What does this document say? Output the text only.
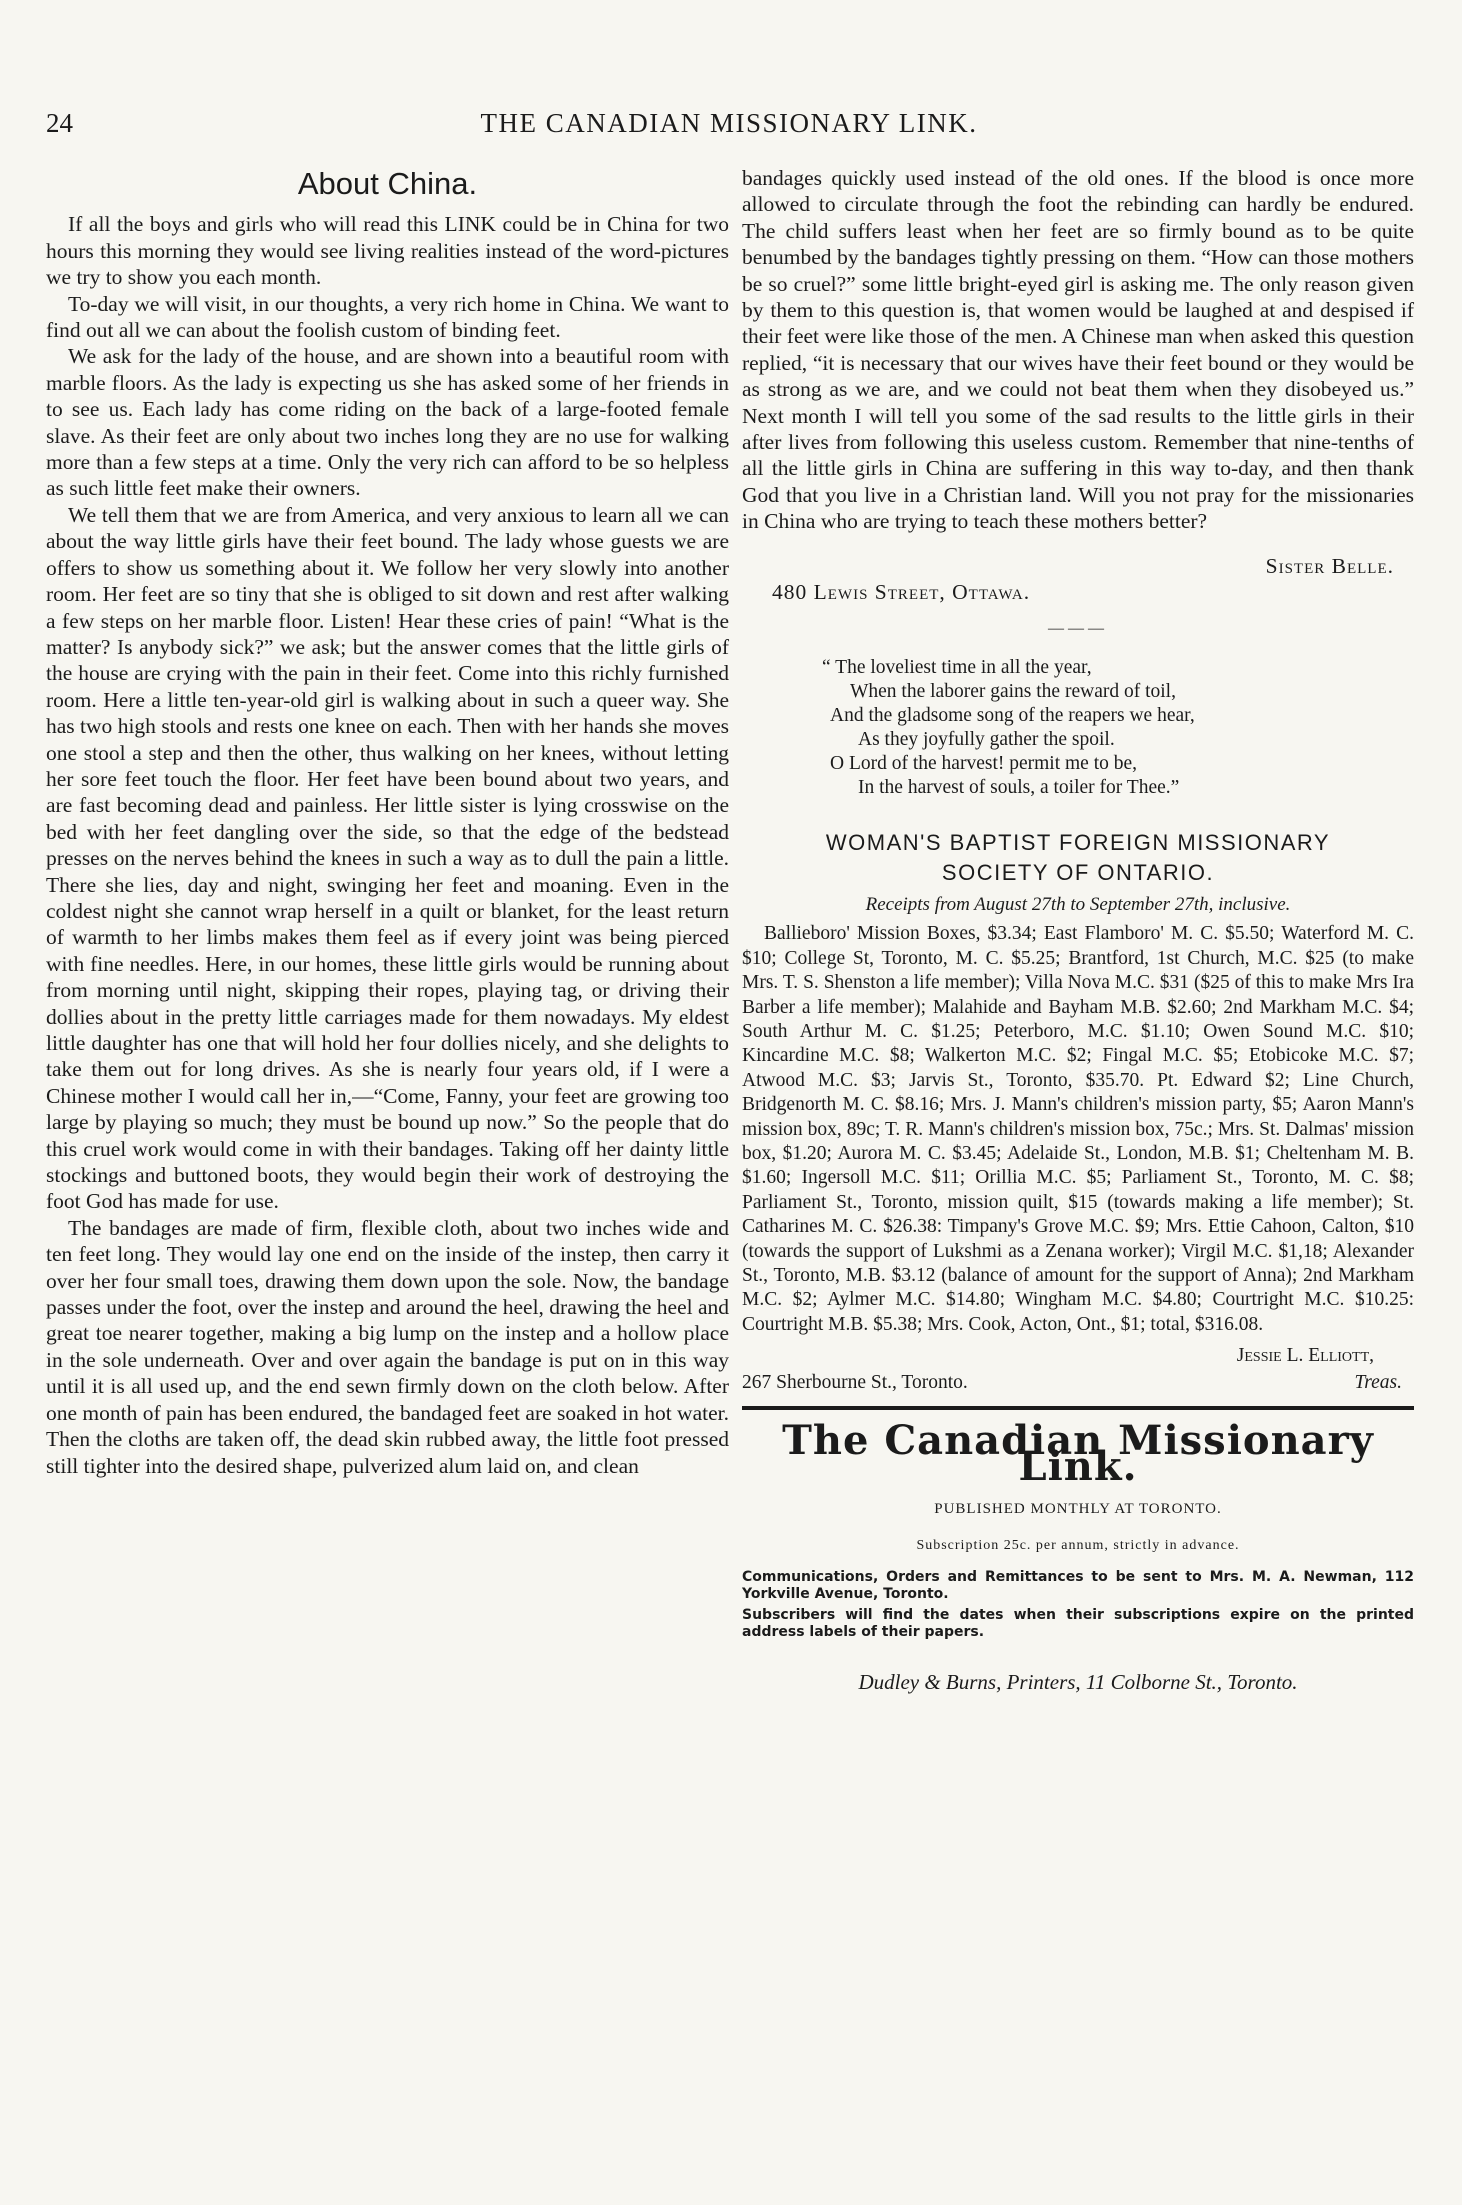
24	THE CANADIAN MISSIONARY LINK.
About China.

If all the boys and girls who will read this LINK could be in China for two hours this morning they would see living realities instead of the word-pictures we try to show you each month.

To-day we will visit, in our thoughts, a very rich home in China. We want to find out all we can about the foolish custom of binding feet.

We ask for the lady of the house, and are shown into a beautiful room with marble floors. As the lady is expecting us she has asked some of her friends in to see us. Each lady has come riding on the back of a large-footed female slave. As their feet are only about two inches long they are no use for walking more than a few steps at a time. Only the very rich can afford to be so helpless as such little feet make their owners.

We tell them that we are from America, and very anxious to learn all we can about the way little girls have their feet bound. The lady whose guests we are offers to show us something about it. We follow her very slowly into another room. Her feet are so tiny that she is obliged to sit down and rest after walking a few steps on her marble floor. Listen! Hear these cries of pain! “What is the matter? Is anybody sick?” we ask; but the answer comes that the little girls of the house are crying with the pain in their feet. Come into this richly furnished room. Here a little ten-year-old girl is walking about in such a queer way. She has two high stools and rests one knee on each. Then with her hands she moves one stool a step and then the other, thus walking on her knees, without letting her sore feet touch the floor. Her feet have been bound about two years, and are fast becoming dead and painless. Her little sister is lying crosswise on the bed with her feet dangling over the side, so that the edge of the bedstead presses on the nerves behind the knees in such a way as to dull the pain a little. There she lies, day and night, swinging her feet and moaning. Even in the coldest night she cannot wrap herself in a quilt or blanket, for the least return of warmth to her limbs makes them feel as if every joint was being pierced with fine needles. Here, in our homes, these little girls would be running about from morning until night, skipping their ropes, playing tag, or driving their dollies about in the pretty little carriages made for them nowadays. My eldest little daughter has one that will hold her four dollies nicely, and she delights to take them out for long drives. As she is nearly four years old, if I were a Chinese mother I would call her in,—“Come, Fanny, your feet are growing too large by playing so much; they must be bound up now.” So the people that do this cruel work would come in with their bandages. Taking off her dainty little stockings and buttoned boots, they would begin their work of destroying the foot God has made for use.

The bandages are made of firm, flexible cloth, about two inches wide and ten feet long. They would lay one end on the inside of the instep, then carry it over her four small toes, drawing them down upon the sole. Now, the bandage passes under the foot, over the instep and around the heel, drawing the heel and great toe nearer together, making a big lump on the instep and a hollow place in the sole underneath. Over and over again the bandage is put on in this way until it is all used up, and the end sewn firmly down on the cloth below. After one month of pain has been endured, the bandaged feet are soaked in hot water. Then the cloths are taken off, the dead skin rubbed away, the little foot pressed still tighter into the desired shape, pulverized alum laid on, and clean

bandages quickly used instead of the old ones. If the blood is once more allowed to circulate through the foot the rebinding can hardly be endured. The child suffers least when her feet are so firmly bound as to be quite benumbed by the bandages tightly pressing on them. “How can those mothers be so cruel?” some little bright-eyed girl is asking me. The only reason given by them to this question is, that women would be laughed at and despised if their feet were like those of the men. A Chinese man when asked this question replied, “it is necessary that our wives have their feet bound or they would be as strong as we are, and we could not beat them when they disobeyed us.” Next month I will tell you some of the sad results to the little girls in their after lives from following this useless custom. Remember that nine-tenths of all the little girls in China are suffering in this way to-day, and then thank God that you live in a Christian land. Will you not pray for the missionaries in China who are trying to teach these mothers better?

Sister Belle.
480 Lewis Street, Ottawa.
———
“ The loveliest time in all the year,
When the laborer gains the reward of toil,
And the gladsome song of the reapers we hear,
As they joyfully gather the spoil.
O Lord of the harvest! permit me to be,
In the harvest of souls, a toiler for Thee.”
WOMAN'S BAPTIST FOREIGN MISSIONARY
SOCIETY OF ONTARIO.
Receipts from August 27th to September 27th, inclusive.

Ballieboro' Mission Boxes, $3.34; East Flamboro' M. C. $5.50; Waterford M. C. $10; College St, Toronto, M. C. $5.25; Brantford, 1st Church, M.C. $25 (to make Mrs. T. S. Shenston a life member); Villa Nova M.C. $31 ($25 of this to make Mrs Ira Barber a life member); Malahide and Bayham M.B. $2.60; 2nd Markham M.C. $4; South Arthur M. C. $1.25; Peterboro, M.C. $1.10; Owen Sound M.C. $10; Kincardine M.C. $8; Walkerton M.C. $2; Fingal M.C. $5; Etobicoke M.C. $7; Atwood M.C. $3; Jarvis St., Toronto, $35.70. Pt. Edward $2; Line Church, Bridgenorth M. C. $8.16; Mrs. J. Mann's children's mission party, $5; Aaron Mann's mission box, 89c; T. R. Mann's children's mission box, 75c.; Mrs. St. Dalmas' mission box, $1.20; Aurora M. C. $3.45; Adelaide St., London, M.B. $1; Cheltenham M. B. $1.60; Ingersoll M.C. $11; Orillia M.C. $5; Parliament St., Toronto, M. C. $8; Parliament St., Toronto, mission quilt, $15 (towards making a life member); St. Catharines M. C. $26.38: Timpany's Grove M.C. $9; Mrs. Ettie Cahoon, Calton, $10 (towards the support of Lukshmi as a Zenana worker); Virgil M.C. $1,18; Alexander St., Toronto, M.B. $3.12 (balance of amount for the support of Anna); 2nd Markham M.C. $2; Aylmer M.C. $14.80; Wingham M.C. $4.80; Courtright M.C. $10.25: Courtright M.B. $5.38; Mrs. Cook, Acton, Ont., $1; total, $316.08.

Jessie L. Elliott,
267 Sherbourne St., Toronto.	Treas.
The Canadian Missionary Link.
PUBLISHED MONTHLY AT TORONTO.
Subscription 25c. per annum, strictly in advance.
Communications, Orders and Remittances to be sent to Mrs. M. A. Newman, 112 Yorkville Avenue, Toronto.
Subscribers will find the dates when their subscriptions expire on the printed address labels of their papers.
Dudley & Burns, Printers, 11 Colborne St., Toronto.
